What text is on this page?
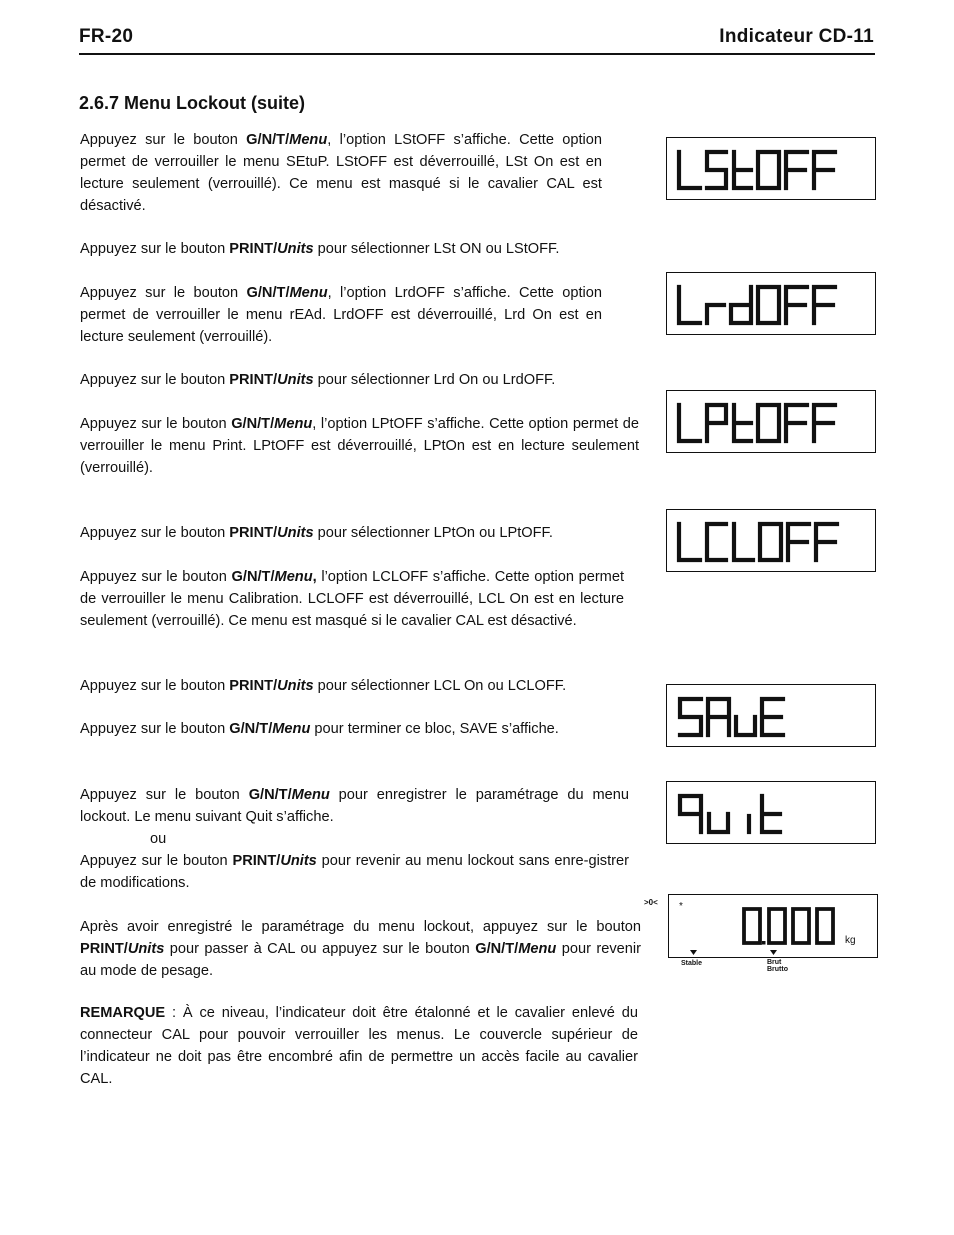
FR-20	Indicateur CD-11
2.6.7 Menu Lockout (suite)
Appuyez sur le bouton G/N/T/Menu, l’option LStOFF s’affiche. Cette option permet de verrouiller le menu SEtuP. LStOFF est déverrouillé, LSt On est en lecture seulement (verrouillé). Ce menu est masqué si le cavalier CAL est désactivé.
Appuyez sur le bouton PRINT/Units pour sélectionner LSt ON ou LStOFF.
Appuyez sur le bouton G/N/T/Menu, l’option LrdOFF s’affiche. Cette option permet de verrouiller le menu rEAd. LrdOFF est déverrouillé, Lrd On est en lecture seulement (verrouillé).
Appuyez sur le bouton PRINT/Units pour sélectionner Lrd On ou LrdOFF.
Appuyez sur le bouton G/N/T/Menu, l’option LPtOFF s’affiche. Cette option permet de verrouiller le menu Print. LPtOFF est déverrouillé, LPtOn est en lecture seulement (verrouillé).
Appuyez sur le bouton PRINT/Units pour sélectionner LPtOn ou LPtOFF.
Appuyez sur le bouton G/N/T/Menu, l’option LCLOFF s’affiche. Cette option permet de verrouiller le menu Calibration. LCLOFF est déverrouillé, LCL On est en lecture seulement (verrouillé). Ce menu est masqué si le cavalier CAL est désactivé.
Appuyez sur le bouton PRINT/Units pour sélectionner LCL On ou LCLOFF.
Appuyez sur le bouton G/N/T/Menu pour terminer ce bloc, SAVE s’affiche.
Appuyez sur le bouton G/N/T/Menu pour enregistrer le paramétrage du menu lockout. Le menu suivant Quit s’affiche.
ou
Appuyez sur le bouton PRINT/Units pour revenir au menu lockout sans enre-gistrer de modifications.
Après avoir enregistré le paramétrage du menu lockout, appuyez sur le bouton PRINT/Units pour passer à CAL ou appuyez sur le bouton G/N/T/Menu pour revenir au mode de pesage.
REMARQUE : À ce niveau, l’indicateur doit être étalonné et le cavalier enlevé du connecteur CAL pour pouvoir verrouiller les menus. Le couvercle supérieur de l’indicateur ne doit pas être encombré afin de permettre un accès facile au cavalier CAL.
>0< *
kg
Stable	Brut
Brutto
